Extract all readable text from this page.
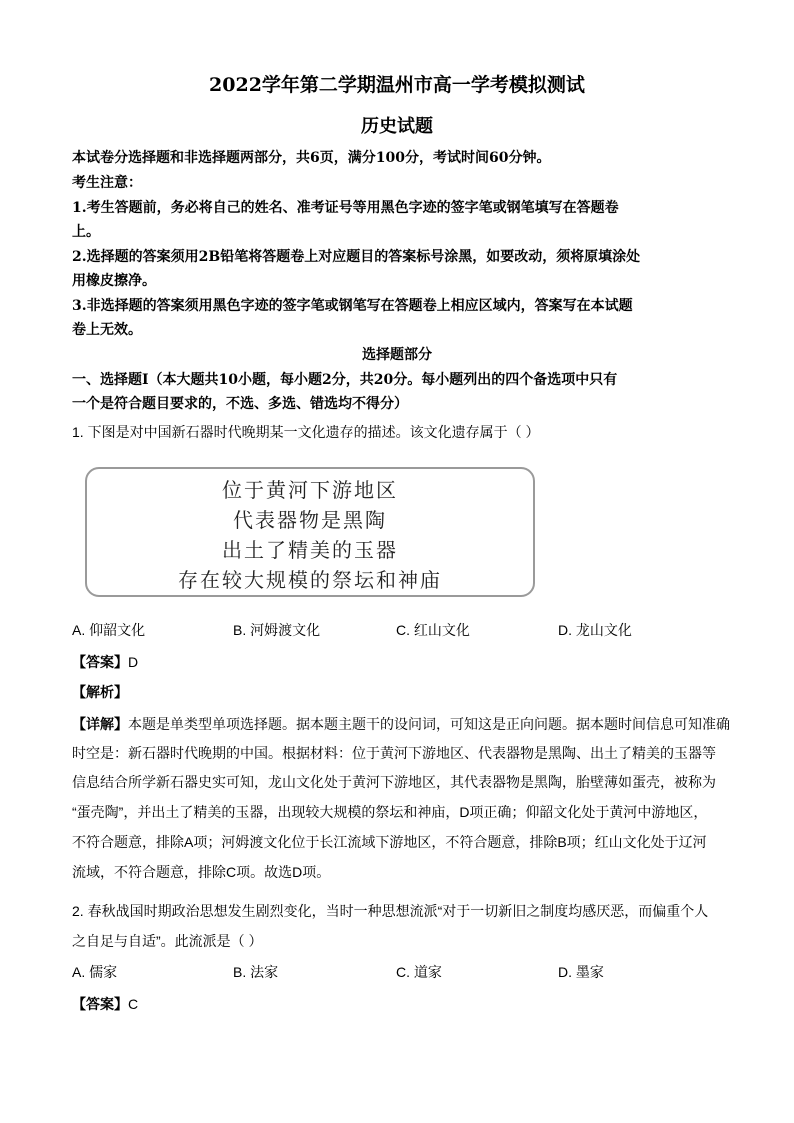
2022学年第二学期温州市高一学考模拟测试
历史试题
本试卷分选择题和非选择题两部分，共6页，满分100分，考试时间60分钟。
考生注意：
1.考生答题前，务必将自己的姓名、准考证号等用黑色字迹的签字笔或钢笔填写在答题卷
上。
2.选择题的答案须用2B铅笔将答题卷上对应题目的答案标号涂黑，如要改动，须将原填涂处
用橡皮擦净。
3.非选择题的答案须用黑色字迹的签字笔或钢笔写在答题卷上相应区域内，答案写在本试题
卷上无效。
选择题部分
一、选择题I（本大题共10小题，每小题2分，共20分。每小题列出的四个备选项中只有
一个是符合题目要求的，不选、多选、错选均不得分）
1. 下图是对中国新石器时代晚期某一文化遗存的描述。该文化遗存属于（ ）
位于黄河下游地区
代表器物是黑陶
出土了精美的玉器
存在较大规模的祭坛和神庙
A. 仰韶文化	B. 河姆渡文化	C. 红山文化	D. 龙山文化
【答案】D
【解析】
【详解】本题是单类型单项选择题。据本题主题干的设问词，可知这是正向问题。据本题时间信息可知准确
时空是：新石器时代晚期的中国。根据材料：位于黄河下游地区、代表器物是黑陶、出土了精美的玉器等
信息结合所学新石器史实可知，龙山文化处于黄河下游地区，其代表器物是黑陶，胎壁薄如蛋壳，被称为
“蛋壳陶”，并出土了精美的玉器，出现较大规模的祭坛和神庙，D项正确；仰韶文化处于黄河中游地区，
不符合题意，排除A项；河姆渡文化位于长江流域下游地区，不符合题意，排除B项；红山文化处于辽河
流域，不符合题意，排除C项。故选D项。
2. 春秋战国时期政治思想发生剧烈变化，当时一种思想流派“对于一切新旧之制度均感厌恶，而偏重个人
之自足与自适”。此流派是（ ）
A. 儒家	B. 法家	C. 道家	D. 墨家
【答案】C
